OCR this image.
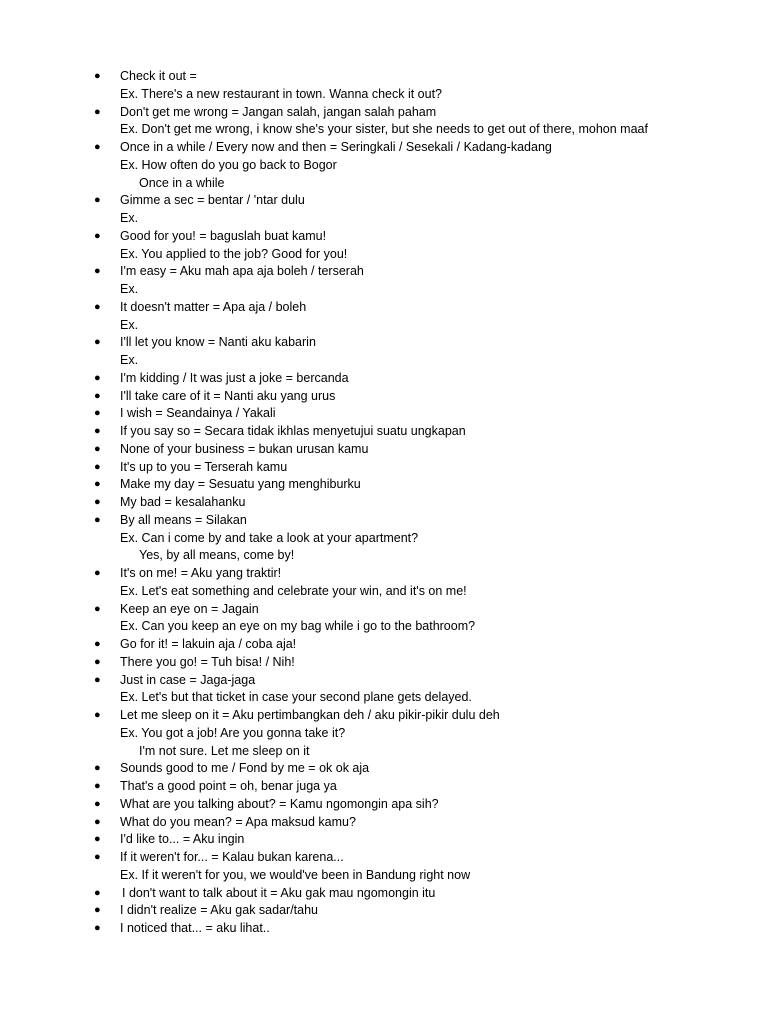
● Check it out =
Ex. There's a new restaurant in town. Wanna check it out?
● Don't get me wrong = Jangan salah, jangan salah paham
Ex. Don't get me wrong, i know she's your sister, but she needs to get out of there, mohon maaf
● Once in a while / Every now and then = Seringkali / Sesekali / Kadang-kadang
Ex. How often do you go back to Bogor
Once in a while
● Gimme a sec = bentar / 'ntar dulu
Ex.
● Good for you! = baguslah buat kamu!
Ex. You applied to the job? Good for you!
● I'm easy = Aku mah apa aja boleh / terserah
Ex.
● It doesn't matter = Apa aja / boleh
Ex.
● I'll let you know = Nanti aku kabarin
Ex.
● I'm kidding / It was just a joke = bercanda
● I'll take care of it = Nanti aku yang urus
● I wish = Seandainya / Yakali
● If you say so = Secara tidak ikhlas menyetujui suatu ungkapan
● None of your business = bukan urusan kamu
● It's up to you = Terserah kamu
● Make my day = Sesuatu yang menghiburku
● My bad = kesalahanku
● By all means = Silakan
Ex. Can i come by and take a look at your apartment?
Yes, by all means, come by!
● It's on me! = Aku yang traktir!
Ex. Let's eat something and celebrate your win, and it's on me!
● Keep an eye on = Jagain
Ex. Can you keep an eye on my bag while i go to the bathroom?
● Go for it! = lakuin aja / coba aja!
● There you go! = Tuh bisa! / Nih!
● Just in case = Jaga-jaga
Ex. Let's but that ticket in case your second plane gets delayed.
● Let me sleep on it = Aku pertimbangkan deh / aku pikir-pikir dulu deh
Ex. You got a job! Are you gonna take it?
I'm not sure. Let me sleep on it
● Sounds good to me / Fond by me = ok ok aja
● That's a good point = oh, benar juga ya
● What are you talking about? = Kamu ngomongin apa sih?
● What do you mean? = Apa maksud kamu?
● I'd like to... = Aku ingin
● If it weren't for... = Kalau bukan karena...
Ex. If it weren't for you, we would've been in Bandung right now
● I don't want to talk about it = Aku gak mau ngomongin itu
● I didn't realize = Aku gak sadar/tahu
● I noticed that... = aku lihat..
